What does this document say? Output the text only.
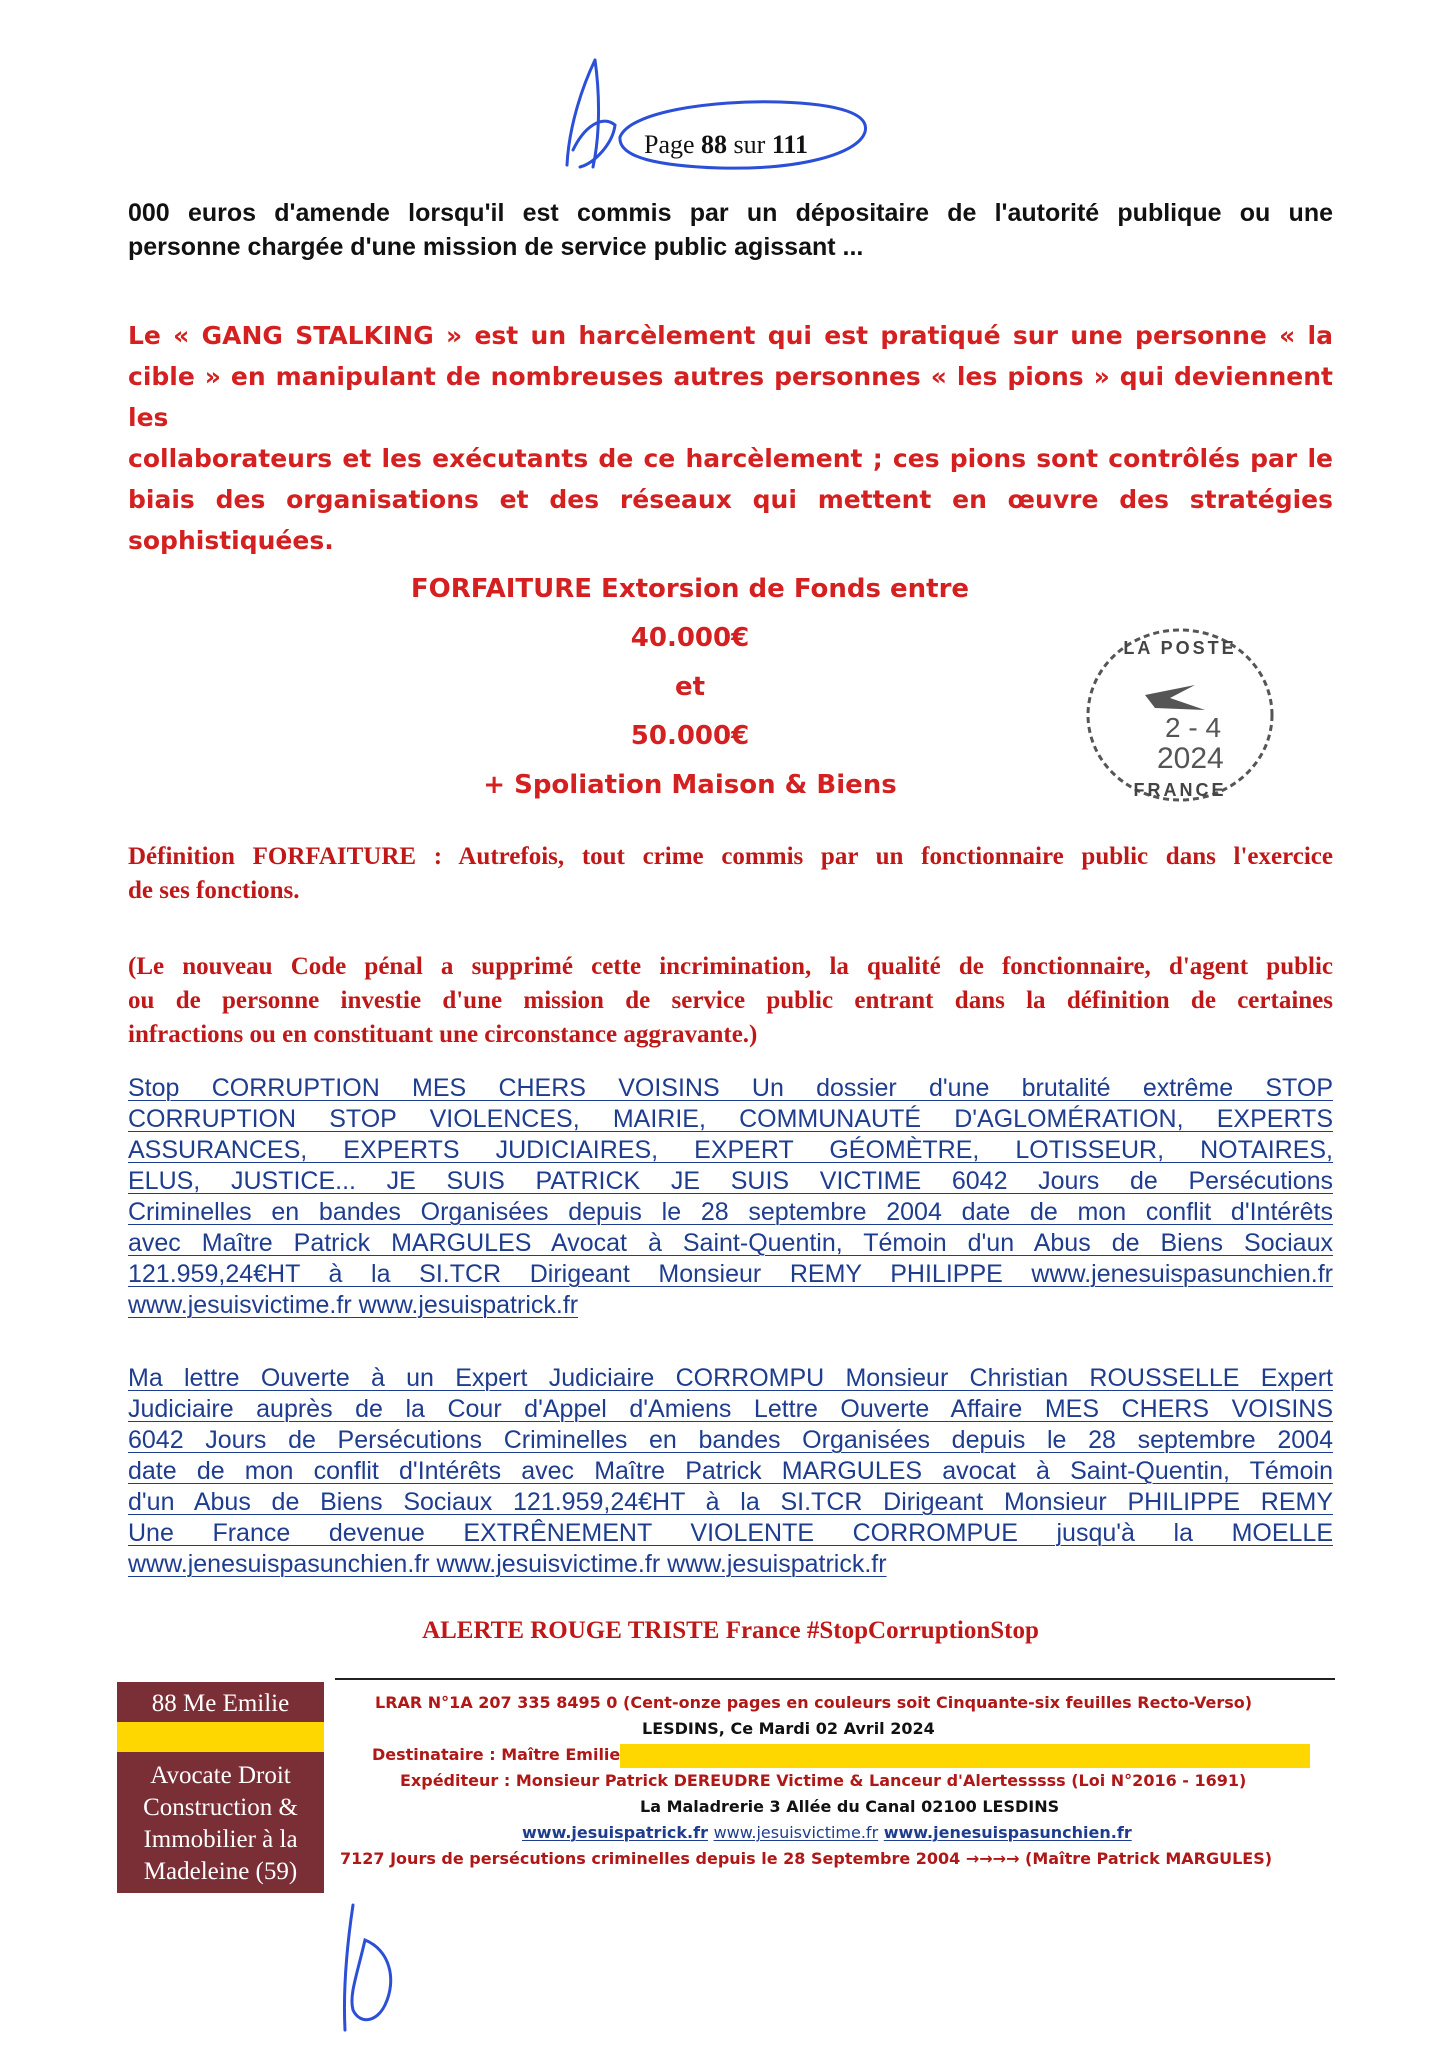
Page 88 sur 111
000 euros d'amende lorsqu'il est commis par un dépositaire de l'autorité publique ou une
personne chargée d'une mission de service public agissant ...
Le « GANG STALKING » est un harcèlement qui est pratiqué sur une personne « la
cible » en manipulant de nombreuses autres personnes « les pions » qui deviennent les
collaborateurs et les exécutants de ce harcèlement ; ces pions sont contrôlés par le
biais des organisations et des réseaux qui mettent en œuvre des stratégies
sophistiquées.
FORFAITURE Extorsion de Fonds entre
40.000€
et
50.000€
+ Spoliation Maison & Biens
LA POSTE
2 - 4
2024
FRANCE
Définition FORFAITURE : Autrefois, tout crime commis par un fonctionnaire public dans l'exercice
de ses fonctions.
(Le nouveau Code pénal a supprimé cette incrimination, la qualité de fonctionnaire, d'agent public
ou de personne investie d'une mission de service public entrant dans la définition de certaines
infractions ou en constituant une circonstance aggravante.)
Stop CORRUPTION MES CHERS VOISINS Un dossier d'une brutalité extrême STOP
CORRUPTION STOP VIOLENCES, MAIRIE, COMMUNAUTÉ D'AGLOMÉRATION, EXPERTS
ASSURANCES, EXPERTS JUDICIAIRES, EXPERT GÉOMÈTRE, LOTISSEUR, NOTAIRES,
ELUS, JUSTICE... JE SUIS PATRICK JE SUIS VICTIME 6042 Jours de Persécutions
Criminelles en bandes Organisées depuis le 28 septembre 2004 date de mon conflit d'Intérêts
avec Maître Patrick MARGULES Avocat à Saint-Quentin, Témoin d'un Abus de Biens Sociaux
121.959,24€HT à la SI.TCR Dirigeant Monsieur REMY PHILIPPE www.jenesuispasunchien.fr
www.jesuisvictime.fr www.jesuispatrick.fr
Ma lettre Ouverte à un Expert Judiciaire CORROMPU Monsieur Christian ROUSSELLE Expert
Judiciaire auprès de la Cour d'Appel d'Amiens Lettre Ouverte Affaire MES CHERS VOISINS
6042 Jours de Persécutions Criminelles en bandes Organisées depuis le 28 septembre 2004
date de mon conflit d'Intérêts avec Maître Patrick MARGULES avocat à Saint-Quentin, Témoin
d'un Abus de Biens Sociaux 121.959,24€HT à la SI.TCR Dirigeant Monsieur PHILIPPE REMY
Une France devenue EXTRÊNEMENT VIOLENTE CORROMPUE jusqu'à la MOELLE
www.jenesuispasunchien.fr www.jesuisvictime.fr www.jesuispatrick.fr
ALERTE ROUGE TRISTE France #StopCorruptionStop
88 Me Emilie
Avocate Droit
Construction &
Immobilier à la
Madeleine (59)
LRAR N°1A 207 335 8495 0 (Cent-onze pages en couleurs soit Cinquante-six feuilles Recto-Verso)
LESDINS, Ce Mardi 02 Avril 2024
Destinataire : Maître Emilie
Expéditeur : Monsieur Patrick DEREUDRE Victime & Lanceur d'Alertesssss (Loi N°2016 - 1691)
La Maladrerie 3 Allée du Canal 02100 LESDINS
www.jesuispatrick.fr www.jesuisvictime.fr www.jenesuispasunchien.fr
7127 Jours de persécutions criminelles depuis le 28 Septembre 2004 →→→→ (Maître Patrick MARGULES)
